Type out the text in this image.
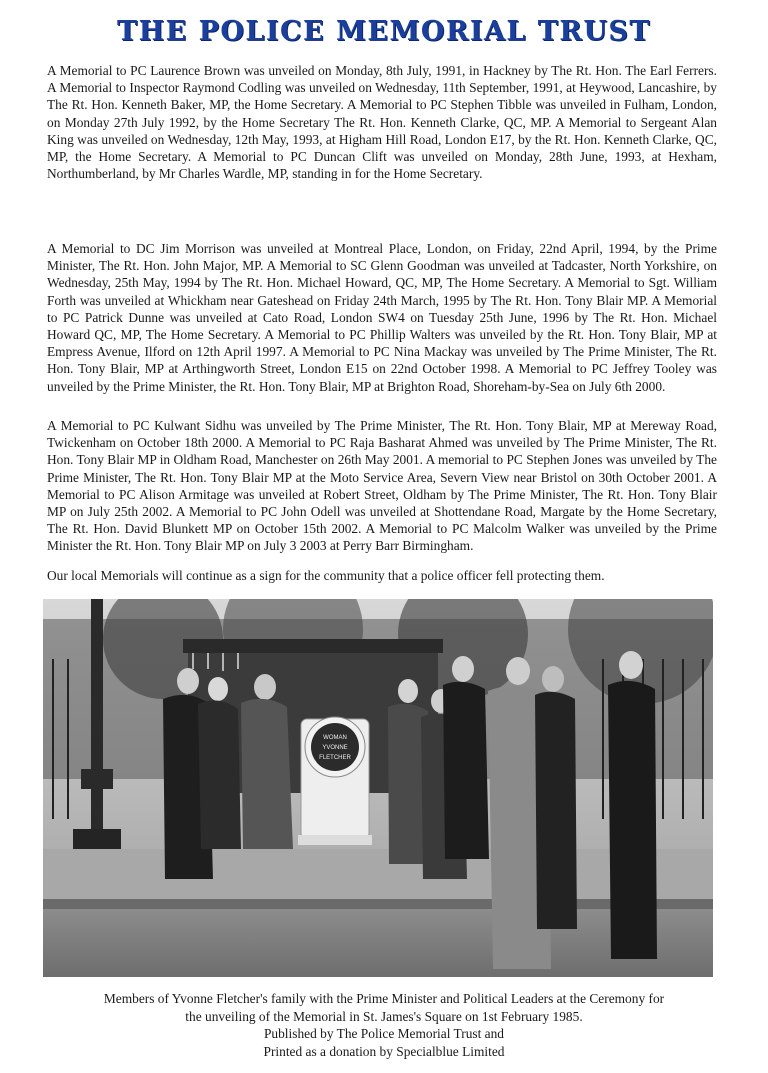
THE POLICE MEMORIAL TRUST

A Memorial to PC Laurence Brown was unveiled on Monday, 8th July, 1991, in Hackney by The Rt. Hon. The Earl Ferrers. A Memorial to Inspector Raymond Codling was unveiled on Wednesday, 11th September, 1991, at Heywood, Lancashire, by The Rt. Hon. Kenneth Baker, MP, the Home Secretary. A Memorial to PC Stephen Tibble was unveiled in Fulham, London, on Monday 27th July 1992, by the Home Secretary The Rt. Hon. Kenneth Clarke, QC, MP. A Memorial to Sergeant Alan King was unveiled on Wednesday, 12th May, 1993, at Higham Hill Road, London E17, by the Rt. Hon. Kenneth Clarke, QC, MP, the Home Secretary. A Memorial to PC Duncan Clift was unveiled on Monday, 28th June, 1993, at Hexham, Northumberland, by Mr Charles Wardle, MP, standing in for the Home Secretary.

A Memorial to DC Jim Morrison was unveiled at Montreal Place, London, on Friday, 22nd April, 1994, by the Prime Minister, The Rt. Hon. John Major, MP. A Memorial to SC Glenn Goodman was unveiled at Tadcaster, North Yorkshire, on Wednesday, 25th May, 1994 by The Rt. Hon. Michael Howard, QC, MP, The Home Secretary. A Memorial to Sgt. William Forth was unveiled at Whickham near Gateshead on Friday 24th March, 1995 by The Rt. Hon. Tony Blair MP. A Memorial to PC Patrick Dunne was unveiled at Cato Road, London SW4 on Tuesday 25th June, 1996 by The Rt. Hon. Michael Howard QC, MP, The Home Secretary. A Memorial to PC Phillip Walters was unveiled by the Rt. Hon. Tony Blair, MP at Empress Avenue, Ilford on 12th April 1997. A Memorial to PC Nina Mackay was unveiled by The Prime Minister, The Rt. Hon. Tony Blair, MP at Arthingworth Street, London E15 on 22nd October 1998. A Memorial to PC Jeffrey Tooley was unveiled by the Prime Minister, the Rt. Hon. Tony Blair, MP at Brighton Road, Shoreham-by-Sea on July 6th 2000.

A Memorial to PC Kulwant Sidhu was unveiled by The Prime Minister, The Rt. Hon. Tony Blair, MP at Mereway Road, Twickenham on October 18th 2000. A Memorial to PC Raja Basharat Ahmed was unveiled by The Prime Minister, The Rt. Hon. Tony Blair MP in Oldham Road, Manchester on 26th May 2001. A memorial to PC Stephen Jones was unveiled by The Prime Minister, The Rt. Hon. Tony Blair MP at the Moto Service Area, Severn View near Bristol on 30th October 2001. A Memorial to PC Alison Armitage was unveiled at Robert Street, Oldham by The Prime Minister, The Rt. Hon. Tony Blair MP on July 25th 2002. A Memorial to PC John Odell was unveiled at Shottendane Road, Margate by the Home Secretary, The Rt. Hon. David Blunkett MP on October 15th 2002. A Memorial to PC Malcolm Walker was unveiled by the Prime Minister the Rt. Hon. Tony Blair MP on July 3 2003 at Perry Barr Birmingham.

Our local Memorials will continue as a sign for the community that a police officer fell protecting them.

WOMAN
YVONNE
FLETCHER
Members of Yvonne Fletcher's family with the Prime Minister and Political Leaders at the Ceremony for
the unveiling of the Memorial in St. James's Square on 1st February 1985.
Published by The Police Memorial Trust and
Printed as a donation by Specialblue Limited
